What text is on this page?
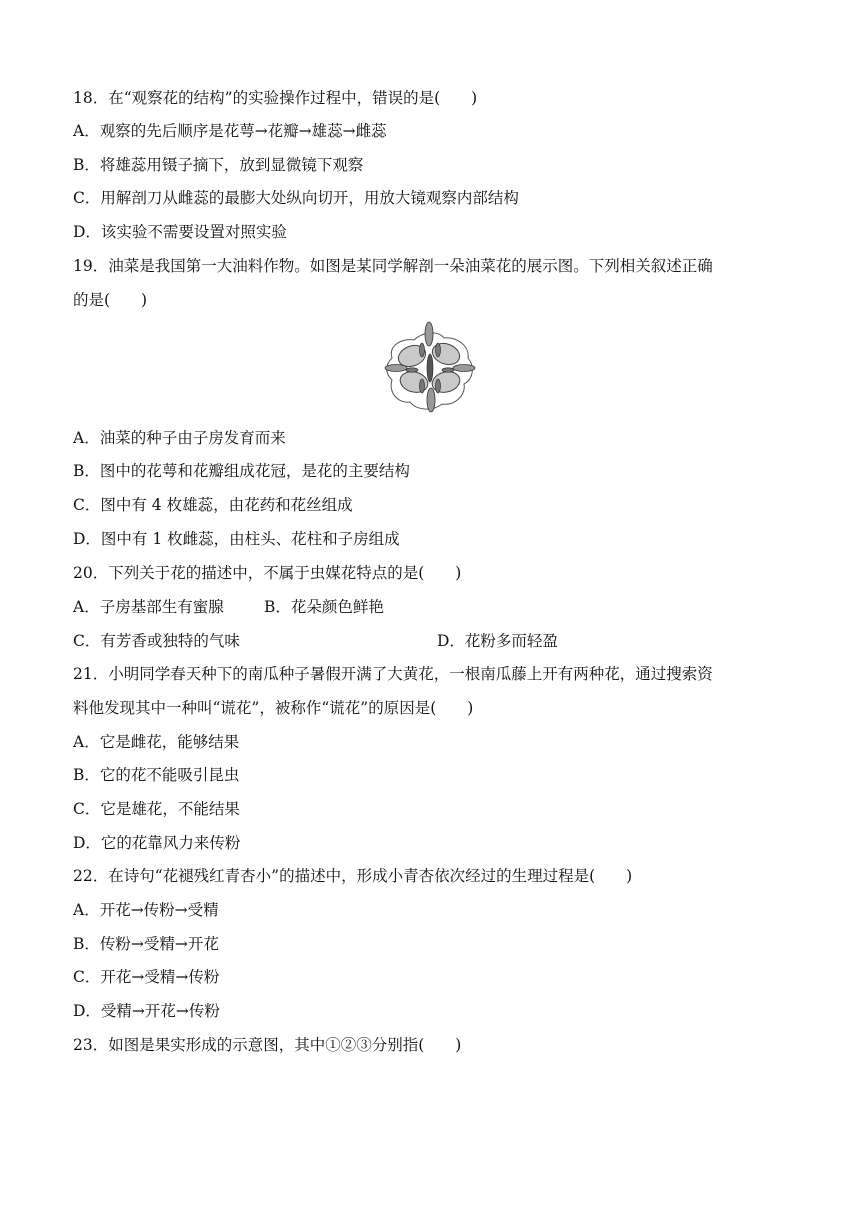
18．在“观察花的结构”的实验操作过程中，错误的是(　　)
A．观察的先后顺序是花萼→花瓣→雄蕊→雌蕊
B．将雄蕊用镊子摘下，放到显微镜下观察
C．用解剖刀从雌蕊的最膨大处纵向切开，用放大镜观察内部结构
D．该实验不需要设置对照实验
19．油菜是我国第一大油料作物。如图是某同学解剖一朵油菜花的展示图。下列相关叙述正确
的是(　　)
A．油菜的种子由子房发育而来
B．图中的花萼和花瓣组成花冠，是花的主要结构
C．图中有 4 枚雄蕊，由花药和花丝组成
D．图中有 1 枚雌蕊，由柱头、花柱和子房组成
20．下列关于花的描述中，不属于虫媒花特点的是(　　)
A．子房基部生有蜜腺	B．花朵颜色鲜艳
C．有芳香或独特的气味	D．花粉多而轻盈
21．小明同学春天种下的南瓜种子暑假开满了大黄花，一根南瓜藤上开有两种花，通过搜索资
料他发现其中一种叫“谎花”，被称作“谎花”的原因是(　　)
A．它是雌花，能够结果
B．它的花不能吸引昆虫
C．它是雄花，不能结果
D．它的花靠风力来传粉
22．在诗句“花褪残红青杏小”的描述中，形成小青杏依次经过的生理过程是(　　)
A．开花→传粉→受精
B．传粉→受精→开花
C．开花→受精→传粉
D．受精→开花→传粉
23．如图是果实形成的示意图，其中①②③分别指(　　)
